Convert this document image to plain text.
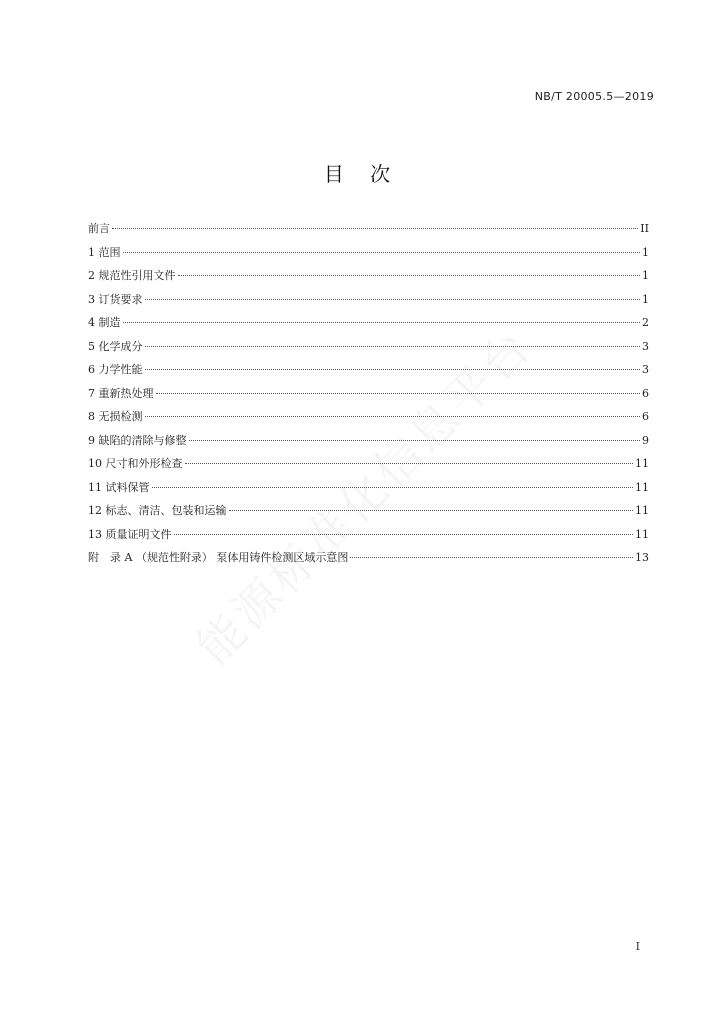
NB/T 20005.5—2019
目 次
前言	II
1 范围	1
2 规范性引用文件	1
3 订货要求	1
4 制造	2
5 化学成分	3
6 力学性能	3
7 重新热处理	6
8 无损检测	6
9 缺陷的清除与修整	9
10 尺寸和外形检查	11
11 试料保管	11
12 标志、清洁、包装和运输	11
13 质量证明文件	11
附　录 A （规范性附录） 泵体用铸件检测区域示意图	13
I
